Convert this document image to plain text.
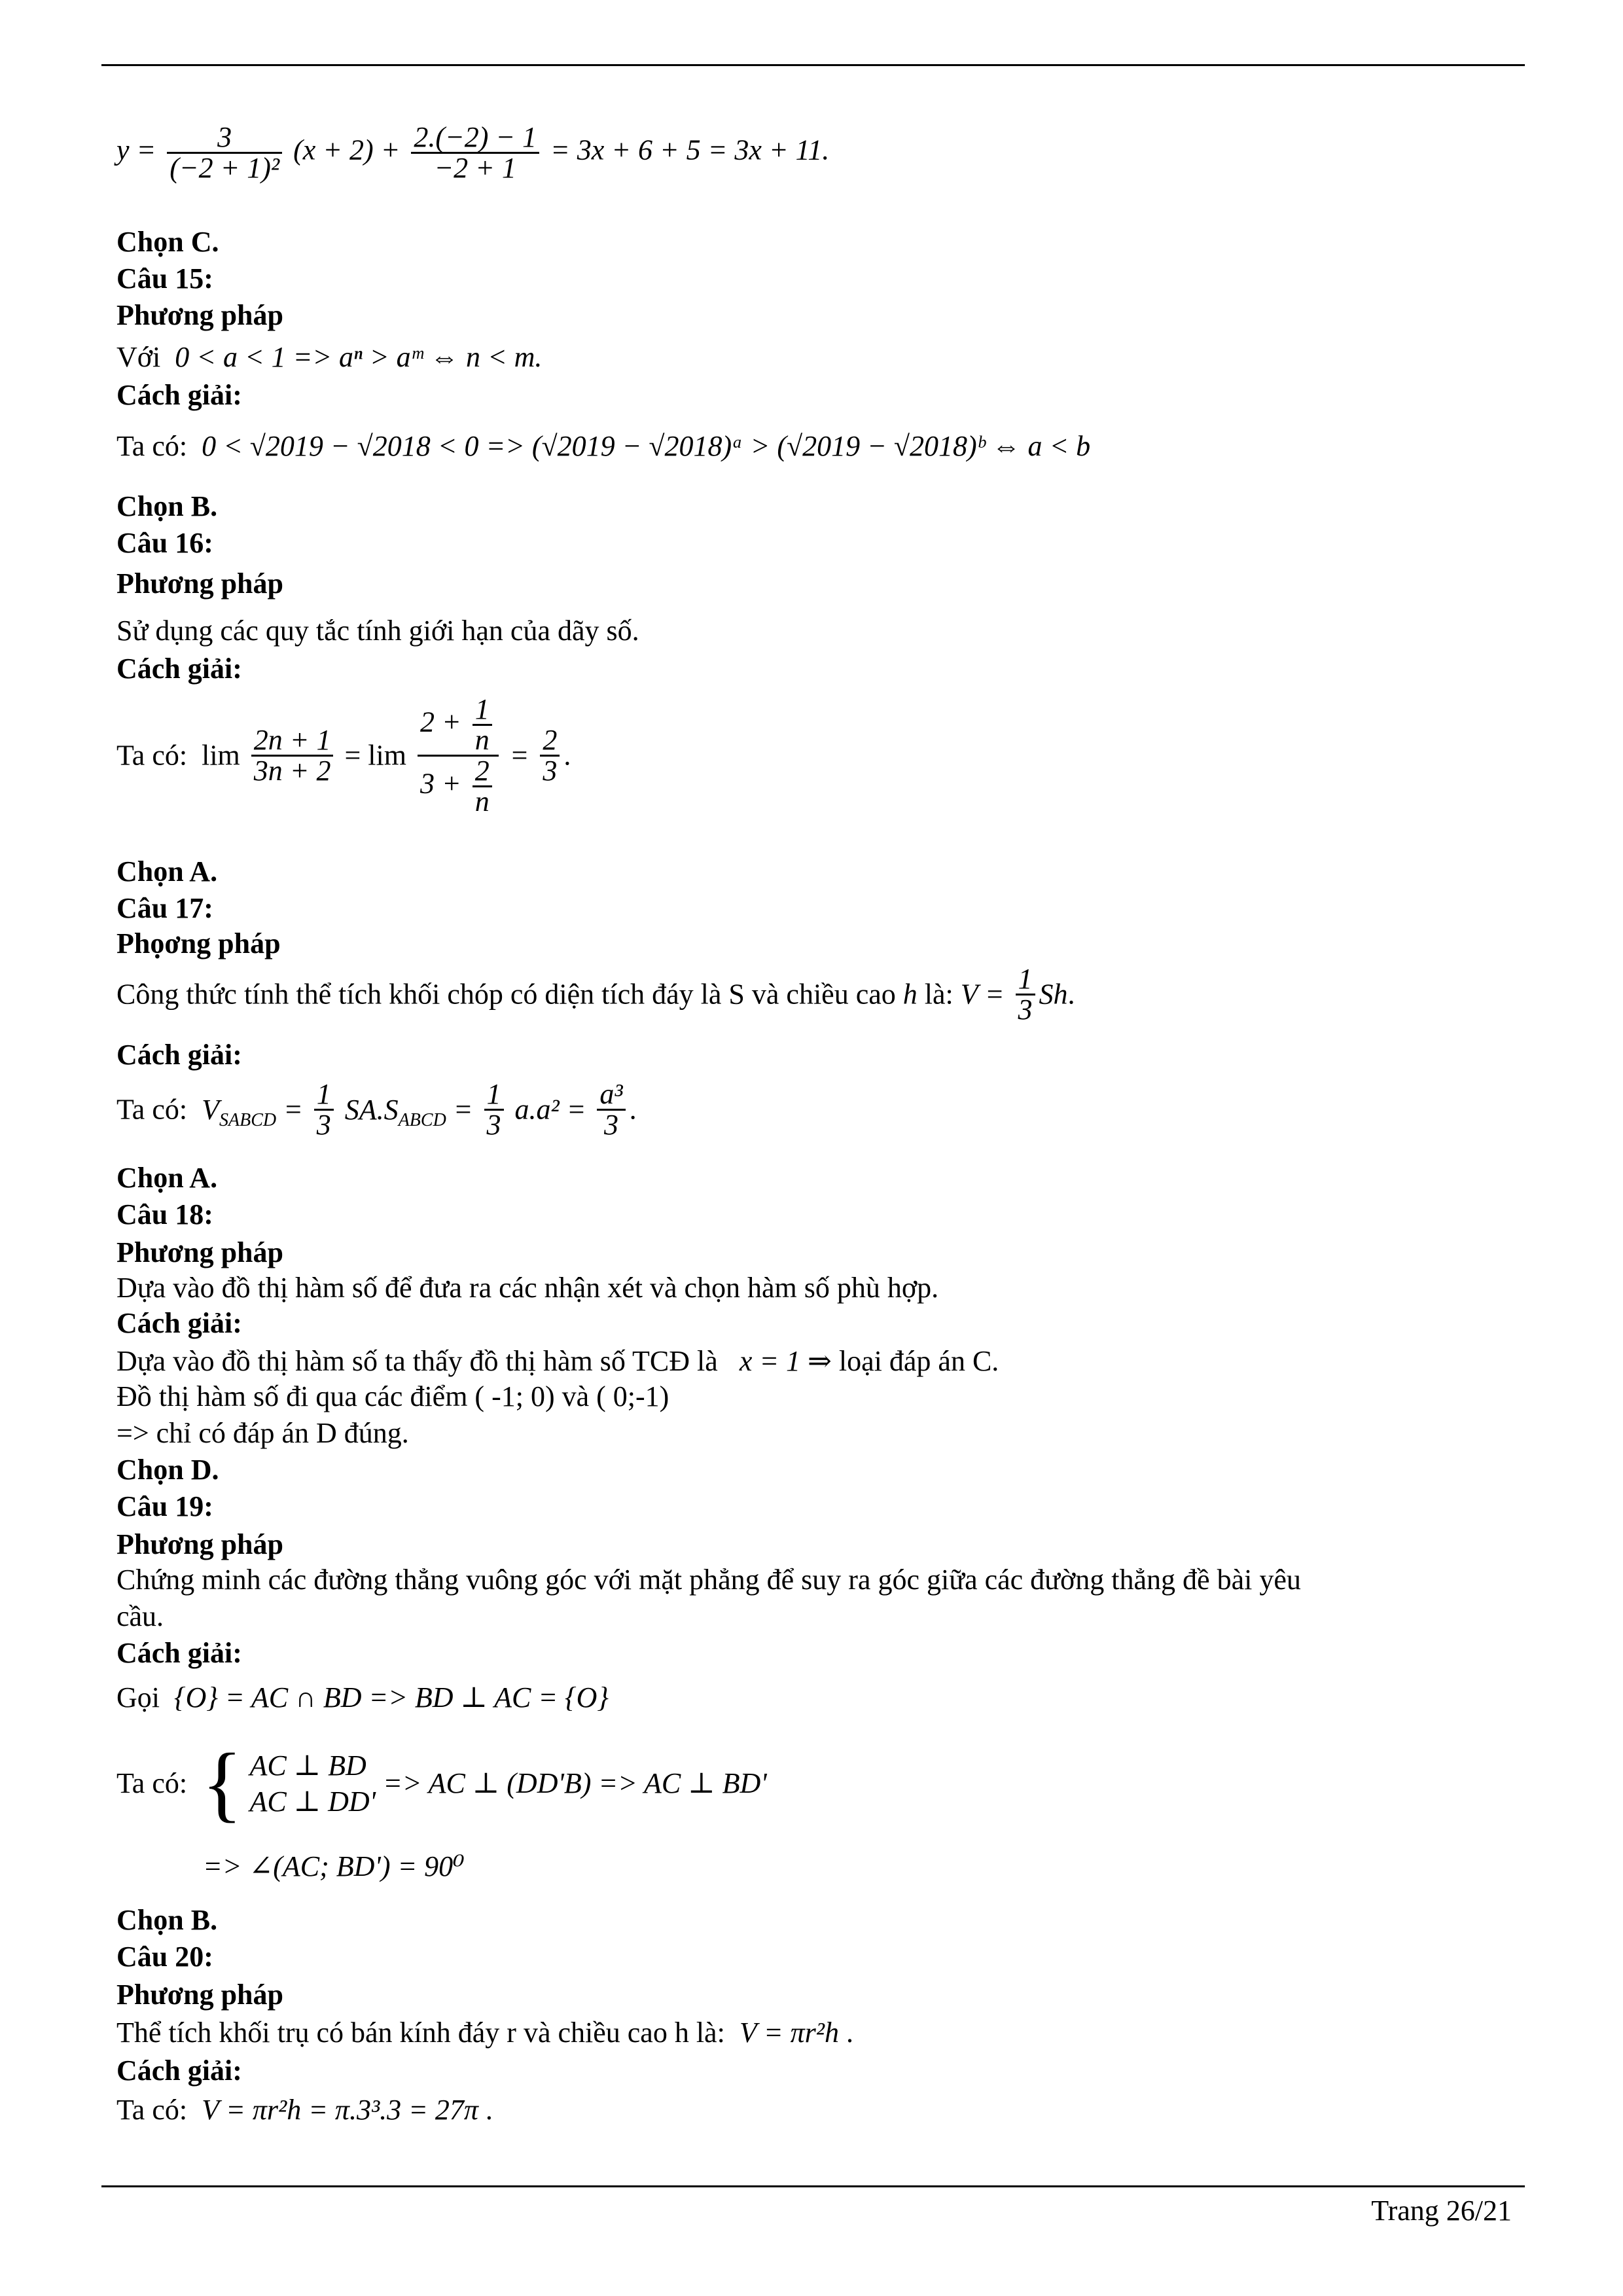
$y = \frac{3}{\text{(−2 + 1)²}} (x + 2) + \frac{2.(-2) - 1}{-2 + 1} = 3x + 6 + 5 = 3x + 11$.
Chọn C.
Câu 15:
Phương pháp
Với 0 < a < 1 => aⁿ > aᵐ ⇔ n < m.
Cách giải:
Ta có: 0 < √2019 − √2018 < 0 => (√2019 − √2018)ᵃ > (√2019 − √2018)ᵇ ⇔ a < b
Chọn B.
Câu 16:
Phương pháp
Sử dụng các quy tắc tính giới hạn của dãy số.
Cách giải:
Ta có: $\lim \frac{2n + 1}{3n + 2} = \lim \frac{2 + \frac{1}{n}}{3 + \frac{2}{n}} = \frac{2}{3}$ .
Chọn A.
Câu 17:
Phọơng pháp
Công thức tính thể tích khối chóp có diện tích đáy là S và chiều cao h là: $V = \frac{1}{3} Sh$.
Cách giải:
Ta có: $V_{SABCD} = \frac{1}{3} SA.S_{ABCD} = \frac{1}{3} a.a^2 = \frac{\text{a³}}{3}$ .
Chọn A.
Câu 18:
Phương pháp
Dựa vào đồ thị hàm số để đưa ra các nhận xét và chọn hàm số phù hợp.
Cách giải:
Dựa vào đồ thị hàm số ta thấy đồ thị hàm số TCĐ là x = 1 ⇒ loại đáp án C.
Đồ thị hàm số đi qua các điểm ( -1; 0) và ( 0;-1)
=> chỉ có đáp án D đúng.
Chọn D.
Câu 19:
Phương pháp
Chứng minh các đường thẳng vuông góc với mặt phẳng để suy ra góc giữa các đường thẳng đề bài yêu
cầu.
Cách giải:
Gọi {O} = AC ∩ BD => BD ⊥ AC = {O}
Ta có: { AC ⊥ BD
AC ⊥ DD'
=> AC ⊥ (DD'B) => AC ⊥ BD'
=> ∠(AC; BD') = 90⁰
Chọn B.
Câu 20:
Phương pháp
Thể tích khối trụ có bán kính đáy r và chiều cao h là: V = πr²h .
Cách giải:
Ta có: V = πr²h = π.3³.3 = 27π .
Trang 26/21
